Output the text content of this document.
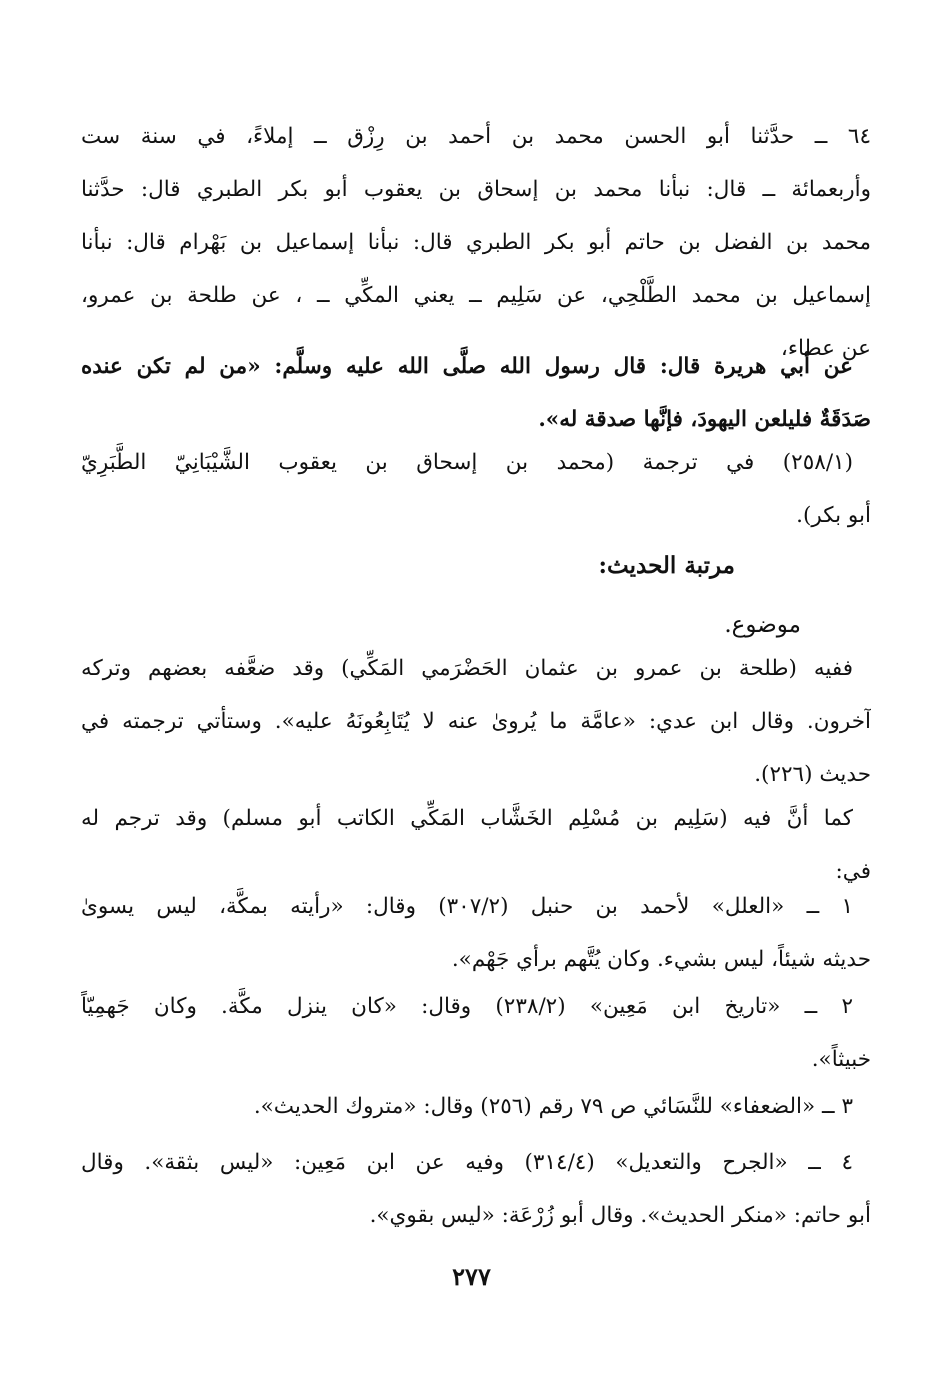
٦٤ ــ حدَّثنا أبو الحسن محمد بن أحمد بن رِزْق ــ إملاءً، في سنة ست
وأربعمائة ــ قال: نبأنا محمد بن إسحاق بن يعقوب أبو بكر الطبري قال: حدَّثنا
محمد بن الفضل بن حاتم أبو بكر الطبري قال: نبأنا إسماعيل بن بَهْرام قال: نبأنا
إسماعيل بن محمد الطَّلْحِي، عن سَلِيم ــ يعني المكِّي ــ ، عن طلحة بن عمرو،
عن عطاء،
عن أبي هريرة قال: قال رسول الله صلَّى الله عليه وسلَّم: «من لم تكن عنده
صَدَقَةٌ فليلعن اليهودَ، فإنَّها صدقة له».
(٢٥٨/١) في ترجمة (محمد بن إسحاق بن يعقوب الشَّيْبَانِيّ الطَّبَرِيّ
أبو بكر).
مرتبة الحديث:
موضوع.
ففيه (طلحة بن عمرو بن عثمان الحَضْرَمي المَكِّي) وقد ضعَّفه بعضهم وتركه
آخرون. وقال ابن عدي: «عامَّة ما يُروىٰ عنه لا يُتَابِعُونَهُ عليه». وستأتي ترجمته في
حديث (٢٢٦).
كما أنَّ فيه (سَلِيم بن مُسْلِم الخَشَّاب المَكِّي الكاتب أبو مسلم) وقد ترجم له
في:
١ ــ «العلل» لأحمد بن حنبل (٣٠٧/٢) وقال: «رأيته بمكَّة، ليس يسوىٰ
حديثه شيئاً، ليس بشيء. وكان يُتَّهم برأي جَهْم».
٢ ــ «تاريخ ابن مَعِين» (٢٣٨/٢) وقال: «كان ينزل مكَّة. وكان جَهمِيّاً
خبيثاً».
٣ ــ «الضعفاء» للنَّسَائي ص ٧٩ رقم (٢٥٦) وقال: «متروك الحديث».
٤ ــ «الجرح والتعديل» (٣١٤/٤) وفيه عن ابن مَعِين: «ليس بثقة». وقال
أبو حاتم: «منكر الحديث». وقال أبو زُرْعَة: «ليس بقوي».
٢٧٧
